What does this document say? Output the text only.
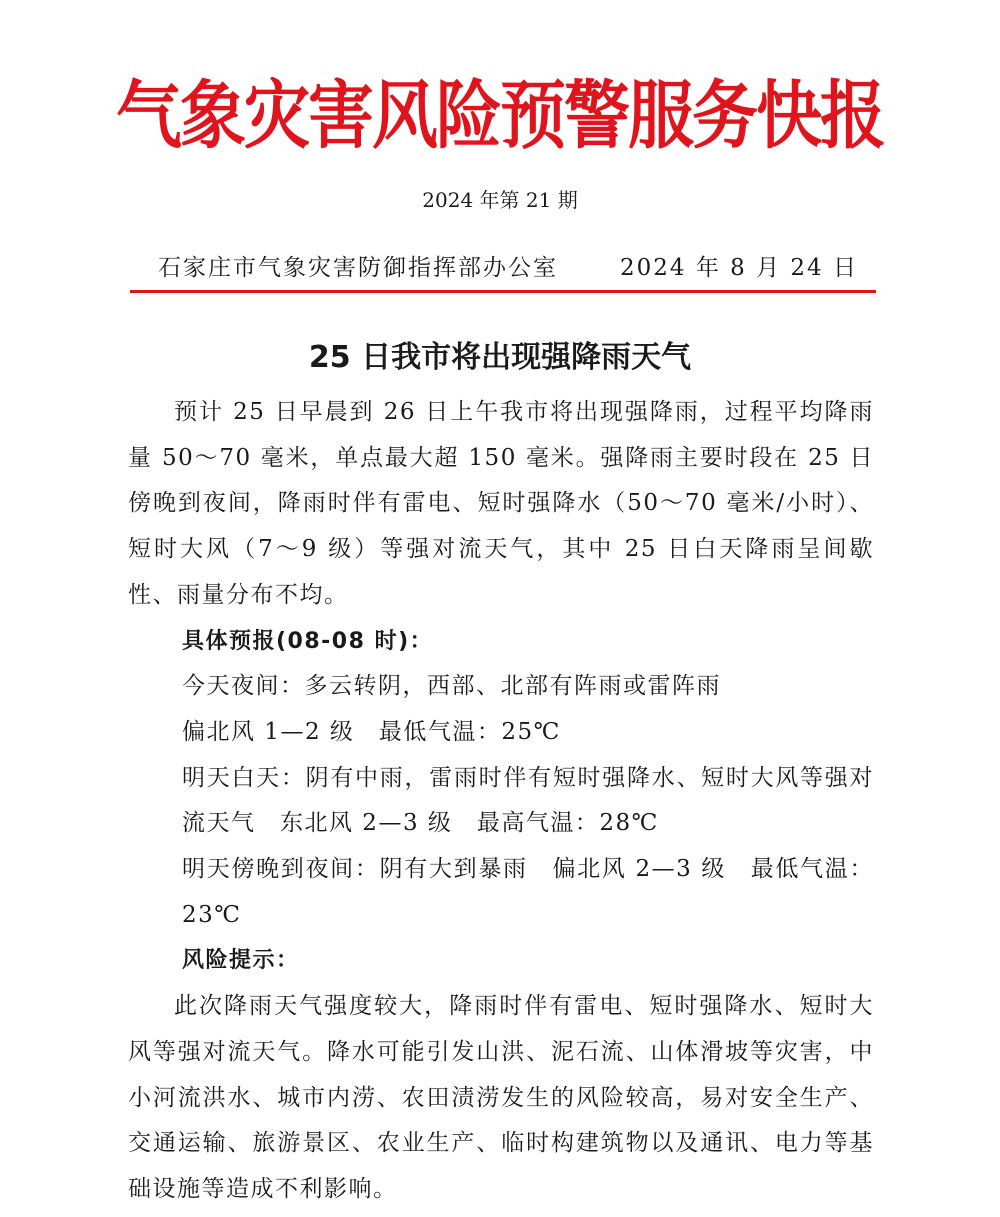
气象灾害风险预警服务快报
2024 年第 21 期
石家庄市气象灾害防御指挥部办公室	2024 年 8 月 24 日
25 日我市将出现强降雨天气

预计 25 日早晨到 26 日上午我市将出现强降雨，过程平均降雨量 50～70 毫米，单点最大超 150 毫米。强降雨主要时段在 25 日傍晚到夜间，降雨时伴有雷电、短时强降水（50～70 毫米/小时）、短时大风（7～9 级）等强对流天气，其中 25 日白天降雨呈间歇性、雨量分布不均。

具体预报(08-08 时)：

今天夜间：多云转阴，西部、北部有阵雨或雷阵雨

偏北风 1—2 级　最低气温：25℃

明天白天：阴有中雨，雷雨时伴有短时强降水、短时大风等强对流天气　东北风 2—3 级　最高气温：28℃

明天傍晚到夜间：阴有大到暴雨　偏北风 2—3 级　最低气温：23℃

风险提示：

此次降雨天气强度较大，降雨时伴有雷电、短时强降水、短时大风等强对流天气。降水可能引发山洪、泥石流、山体滑坡等灾害，中小河流洪水、城市内涝、农田渍涝发生的风险较高，易对安全生产、交通运输、旅游景区、农业生产、临时构建筑物以及通讯、电力等基础设施等造成不利影响。
